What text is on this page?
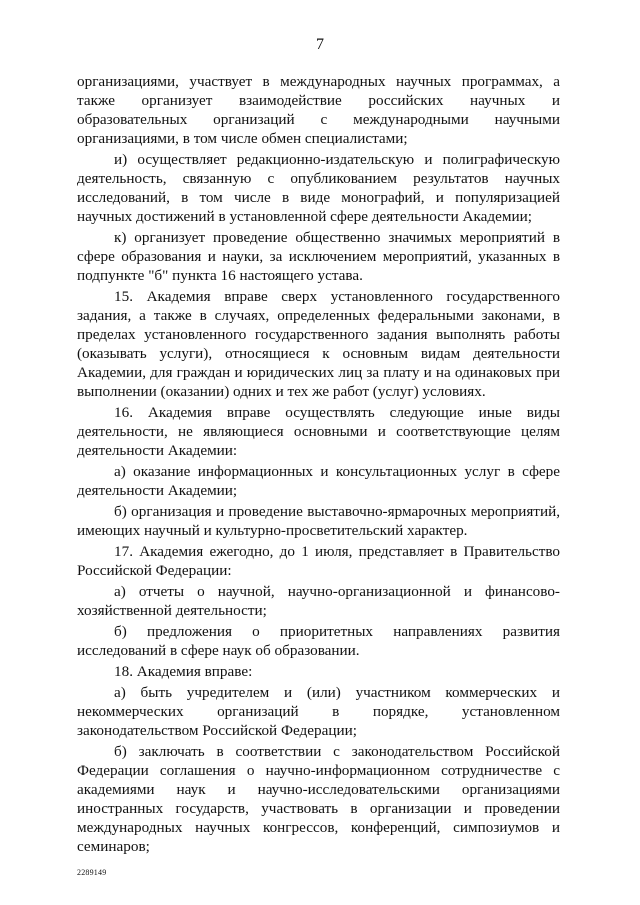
7

организациями, участвует в международных научных программах, а также организует взаимодействие российских научных и образовательных организаций с международными научными организациями, в том числе обмен специалистами;

и) осуществляет редакционно-издательскую и полиграфическую деятельность, связанную с опубликованием результатов научных исследований, в том числе в виде монографий, и популяризацией научных достижений в установленной сфере деятельности Академии;

к) организует проведение общественно значимых мероприятий в сфере образования и науки, за исключением мероприятий, указанных в подпункте "б" пункта 16 настоящего устава.

15. Академия вправе сверх установленного государственного задания, а также в случаях, определенных федеральными законами, в пределах установленного государственного задания выполнять работы (оказывать услуги), относящиеся к основным видам деятельности Академии, для граждан и юридических лиц за плату и на одинаковых при выполнении (оказании) одних и тех же работ (услуг) условиях.

16. Академия вправе осуществлять следующие иные виды деятельности, не являющиеся основными и соответствующие целям деятельности Академии:

а) оказание информационных и консультационных услуг в сфере деятельности Академии;

б) организация и проведение выставочно-ярмарочных мероприятий, имеющих научный и культурно-просветительский характер.

17. Академия ежегодно, до 1 июля, представляет в Правительство Российской Федерации:

а) отчеты о научной, научно-организационной и финансово-хозяйственной деятельности;

б) предложения о приоритетных направлениях развития исследований в сфере наук об образовании.

18. Академия вправе:

а) быть учредителем и (или) участником коммерческих и некоммерческих организаций в порядке, установленном законодательством Российской Федерации;

б) заключать в соответствии с законодательством Российской Федерации соглашения о научно-информационном сотрудничестве с академиями наук и научно-исследовательскими организациями иностранных государств, участвовать в организации и проведении международных научных конгрессов, конференций, симпозиумов и семинаров;

2289149
